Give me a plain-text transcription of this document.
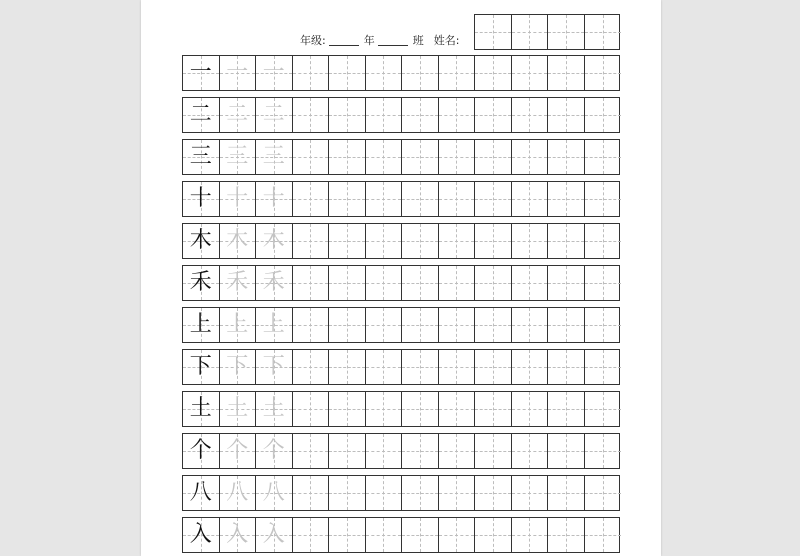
年级:	年	班 姓名:
一 一 一
二 二 二
三 三 三
十 十 十
木 木 木
禾 禾 禾
上 上 上
下 下 下
土 土 土
个 个 个
八 八 八
入 入 入
